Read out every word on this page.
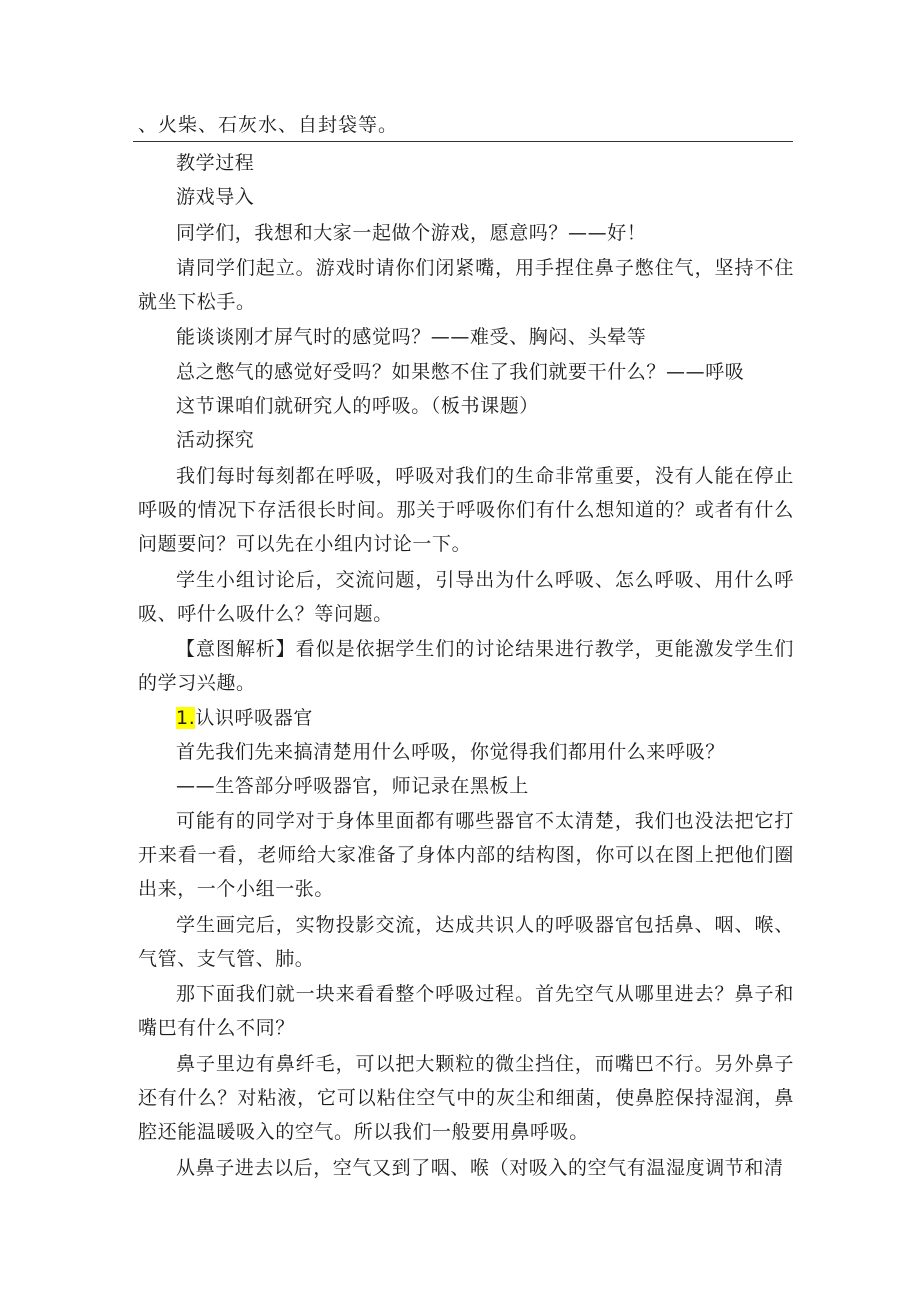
、火柴、石灰水、自封袋等。

教学过程

游戏导入

同学们，我想和大家一起做个游戏，愿意吗？——好！

请同学们起立。游戏时请你们闭紧嘴，用手捏住鼻子憋住气，坚持不住就坐下松手。

能谈谈刚才屏气时的感觉吗？——难受、胸闷、头晕等

总之憋气的感觉好受吗？如果憋不住了我们就要干什么？——呼吸

这节课咱们就研究人的呼吸。（板书课题）

活动探究

我们每时每刻都在呼吸，呼吸对我们的生命非常重要，没有人能在停止呼吸的情况下存活很长时间。那关于呼吸你们有什么想知道的？或者有什么问题要问？可以先在小组内讨论一下。

学生小组讨论后，交流问题，引导出为什么呼吸、怎么呼吸、用什么呼吸、呼什么吸什么？等问题。

【意图解析】看似是依据学生们的讨论结果进行教学，更能激发学生们的学习兴趣。

1.认识呼吸器官

首先我们先来搞清楚用什么呼吸，你觉得我们都用什么来呼吸？

——生答部分呼吸器官，师记录在黑板上

可能有的同学对于身体里面都有哪些器官不太清楚，我们也没法把它打开来看一看，老师给大家准备了身体内部的结构图，你可以在图上把他们圈出来，一个小组一张。

学生画完后，实物投影交流，达成共识人的呼吸器官包括鼻、咽、喉、气管、支气管、肺。

那下面我们就一块来看看整个呼吸过程。首先空气从哪里进去？鼻子和嘴巴有什么不同？

鼻子里边有鼻纤毛，可以把大颗粒的微尘挡住，而嘴巴不行。另外鼻子还有什么？对粘液，它可以粘住空气中的灰尘和细菌，使鼻腔保持湿润，鼻腔还能温暖吸入的空气。所以我们一般要用鼻呼吸。

从鼻子进去以后，空气又到了咽、喉（对吸入的空气有温湿度调节和清
